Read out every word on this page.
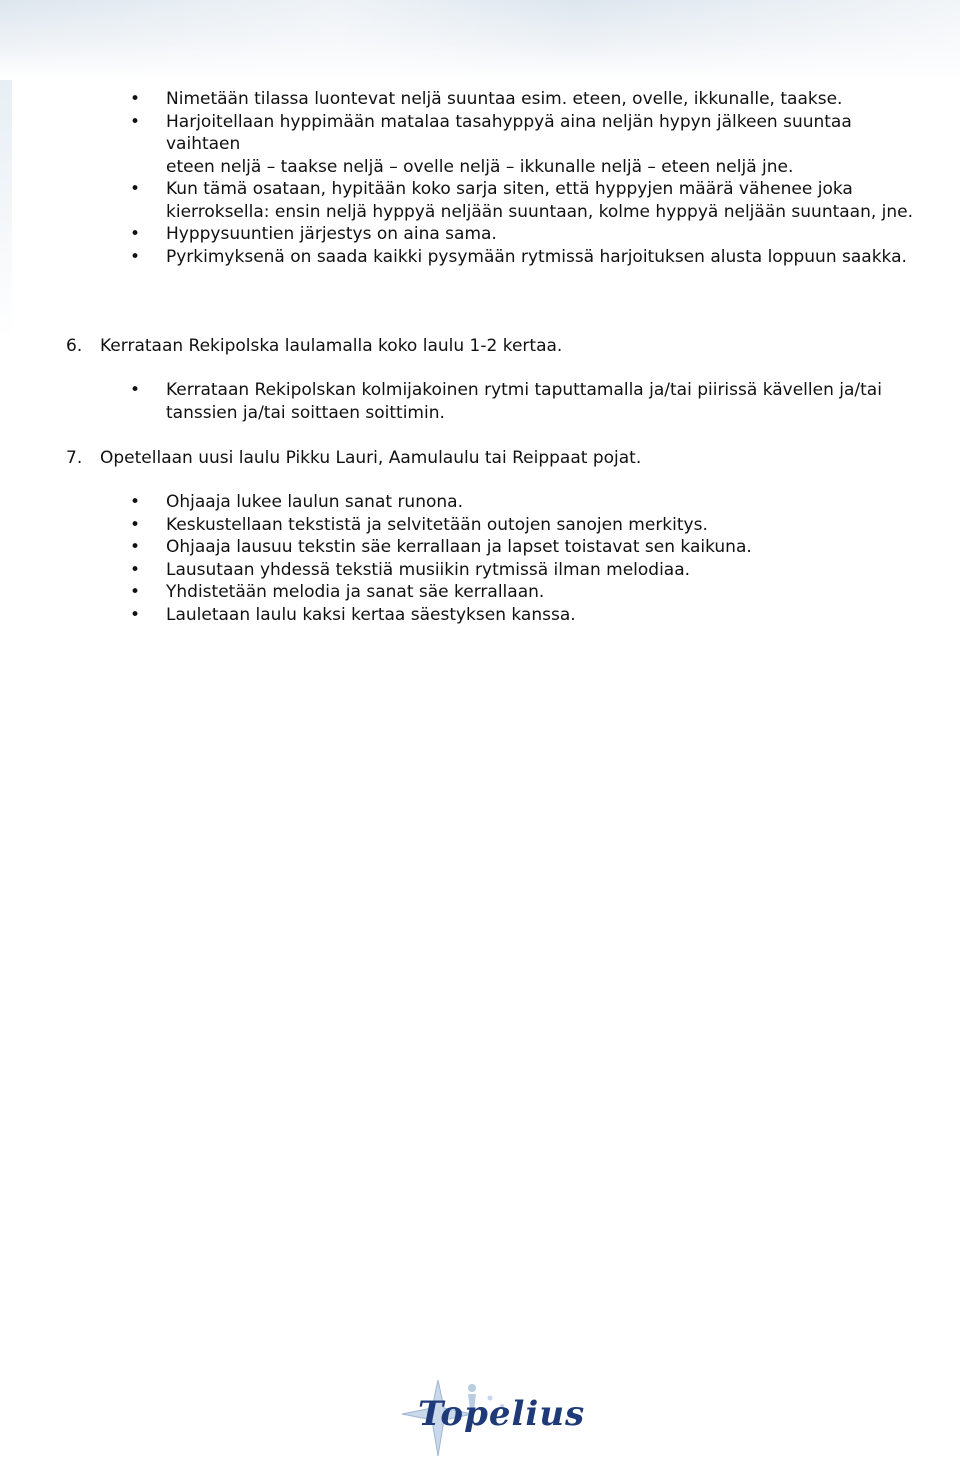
• Nimetään tilassa luontevat neljä suuntaa esim. eteen, ovelle, ikkunalle, taakse.
• Harjoitellaan hyppimään matalaa tasahyppyä aina neljän hypyn jälkeen suuntaa vaihtaen
eteen neljä – taakse neljä – ovelle neljä – ikkunalle neljä – eteen neljä jne.
• Kun tämä osataan, hypitään koko sarja siten, että hyppyjen määrä vähenee joka kierroksella: ensin neljä hyppyä neljään suuntaan, kolme hyppyä neljään suuntaan, jne.
• Hyppysuuntien järjestys on aina sama.
• Pyrkimyksenä on saada kaikki pysymään rytmissä harjoituksen alusta loppuun saakka.
6. Kerrataan Rekipolska laulamalla koko laulu 1-2 kertaa.
• Kerrataan Rekipolskan kolmijakoinen rytmi taputtamalla ja/tai piirissä kävellen ja/tai tanssien ja/tai soittaen soittimin.
7. Opetellaan uusi laulu Pikku Lauri, Aamulaulu tai Reippaat pojat.
• Ohjaaja lukee laulun sanat runona.
• Keskustellaan tekstistä ja selvitetään outojen sanojen merkitys.
• Ohjaaja lausuu tekstin säe kerrallaan ja lapset toistavat sen kaikuna.
• Lausutaan yhdessä tekstiä musiikin rytmissä ilman melodiaa.
• Yhdistetään melodia ja sanat säe kerrallaan.
• Lauletaan laulu kaksi kertaa säestyksen kanssa.
Topelius
